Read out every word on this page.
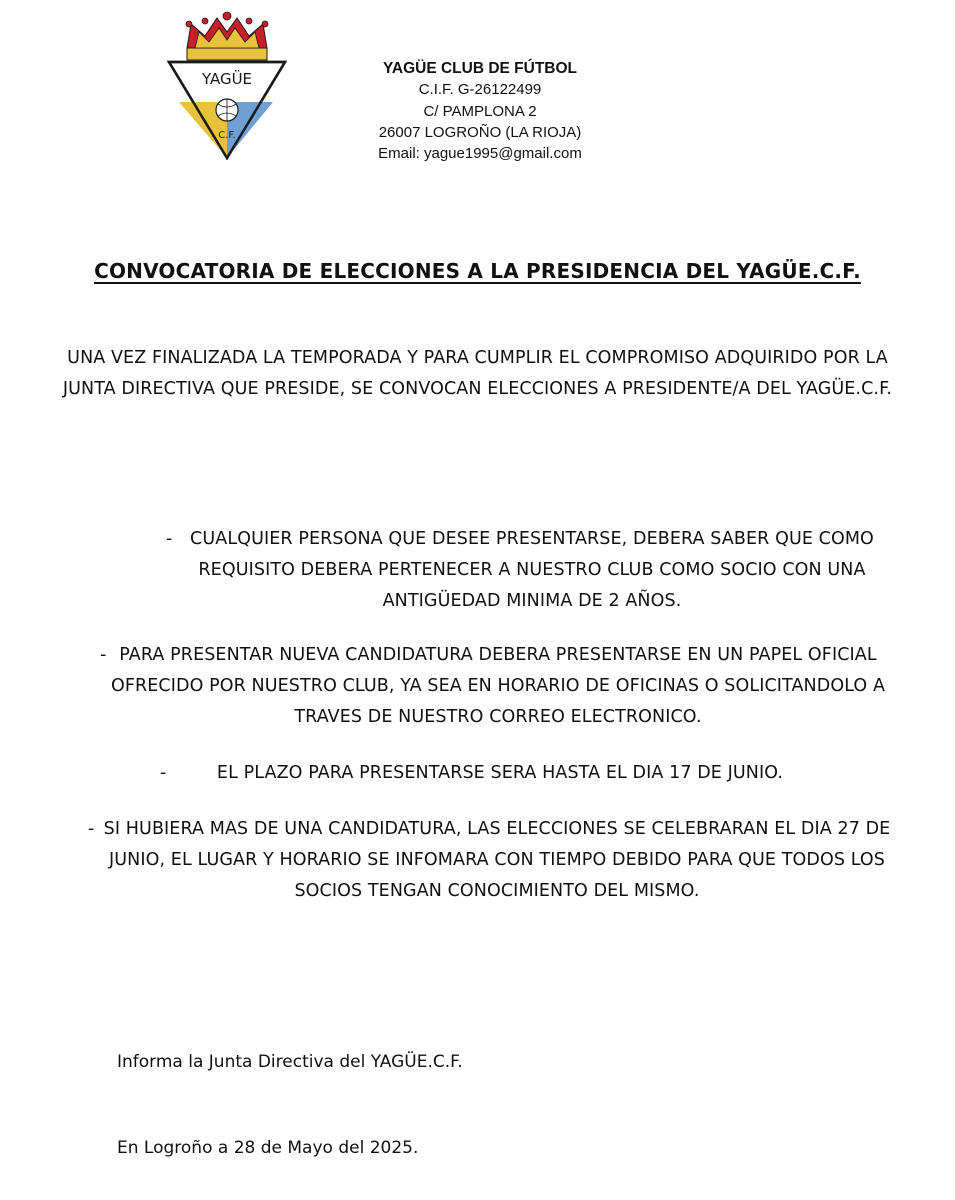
YAGÜE
C.F.
YAGÜE CLUB DE FÚTBOL
C.I.F. G-26122499
C/ PAMPLONA 2
26007 LOGROÑO (LA RIOJA)
Email: yague1995@gmail.com
CONVOCATORIA DE ELECCIONES A LA PRESIDENCIA DEL YAGÜE.C.F.
UNA VEZ FINALIZADA LA TEMPORADA Y PARA CUMPLIR EL COMPROMISO ADQUIRIDO POR LA JUNTA DIRECTIVA QUE PRESIDE, SE CONVOCAN ELECCIONES A PRESIDENTE/A DEL YAGÜE.C.F.
-	CUALQUIER PERSONA QUE DESEE PRESENTARSE, DEBERA SABER QUE COMO REQUISITO DEBERA PERTENECER A NUESTRO CLUB COMO SOCIO CON UNA ANTIGÜEDAD MINIMA DE 2 AÑOS.
- PARA PRESENTAR NUEVA CANDIDATURA DEBERA PRESENTARSE EN UN PAPEL OFICIAL OFRECIDO POR NUESTRO CLUB, YA SEA EN HORARIO DE OFICINAS O SOLICITANDOLO A TRAVES DE NUESTRO CORREO ELECTRONICO.
-	EL PLAZO PARA PRESENTARSE SERA HASTA EL DIA 17 DE JUNIO.
- SI HUBIERA MAS DE UNA CANDIDATURA, LAS ELECCIONES SE CELEBRARAN EL DIA 27 DE JUNIO, EL LUGAR Y HORARIO SE INFOMARA CON TIEMPO DEBIDO PARA QUE TODOS LOS SOCIOS TENGAN CONOCIMIENTO DEL MISMO.
Informa la Junta Directiva del YAGÜE.C.F.
En Logroño a 28 de Mayo del 2025.
